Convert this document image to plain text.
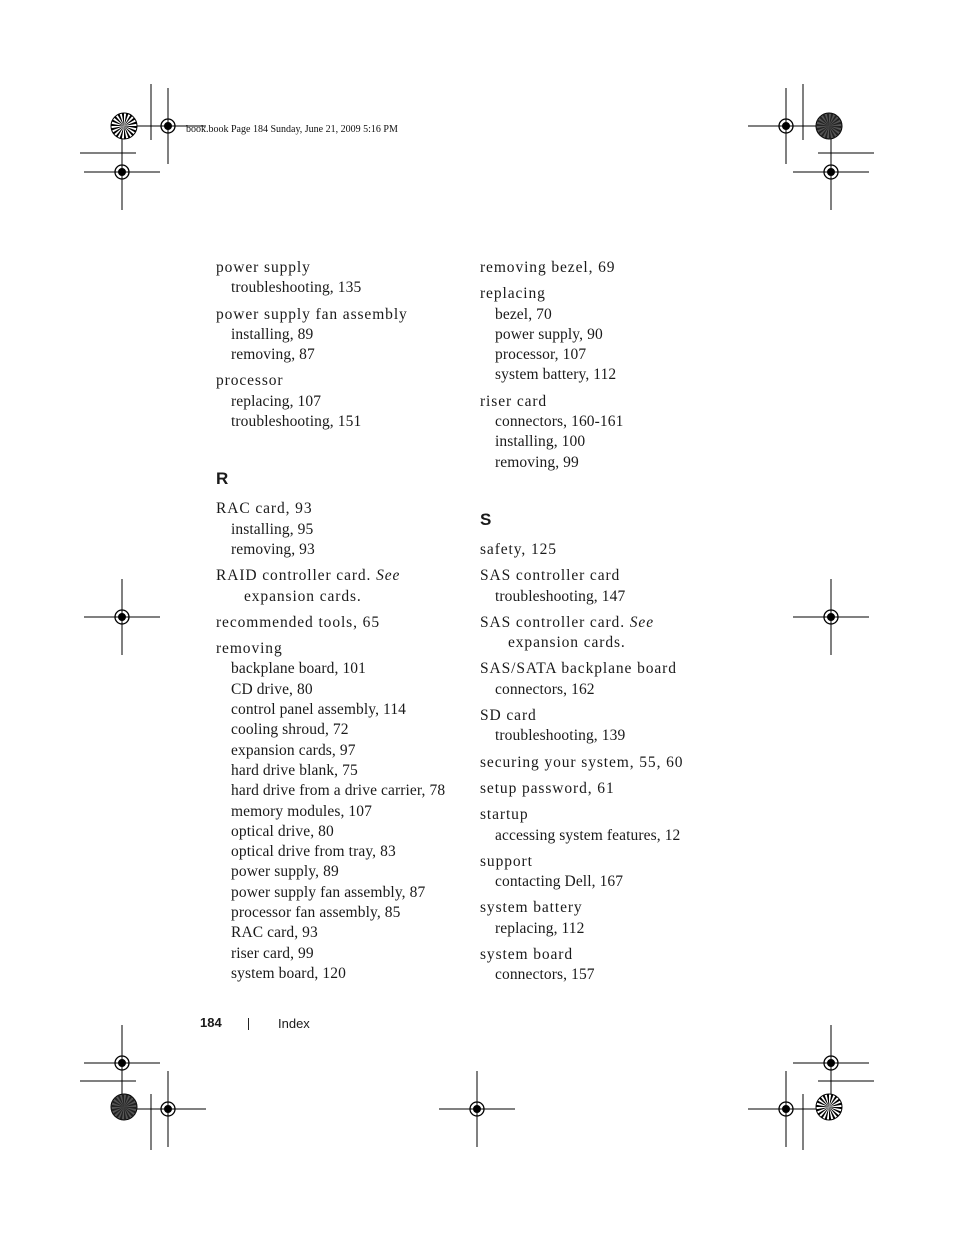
book.book Page 184 Sunday, June 21, 2009 5:16 PM
power supply
troubleshooting, 135
power supply fan assembly
installing, 89
removing, 87
processor
replacing, 107
troubleshooting, 151
R
RAC card, 93
installing, 95
removing, 93
RAID controller card. See
expansion cards.
recommended tools, 65
removing
backplane board, 101
CD drive, 80
control panel assembly, 114
cooling shroud, 72
expansion cards, 97
hard drive blank, 75
hard drive from a drive carrier, 78
memory modules, 107
optical drive, 80
optical drive from tray, 83
power supply, 89
power supply fan assembly, 87
processor fan assembly, 85
RAC card, 93
riser card, 99
system board, 120
removing bezel, 69
replacing
bezel, 70
power supply, 90
processor, 107
system battery, 112
riser card
connectors, 160-161
installing, 100
removing, 99
S
safety, 125
SAS controller card
troubleshooting, 147
SAS controller card. See
expansion cards.
SAS/SATA backplane board
connectors, 162
SD card
troubleshooting, 139
securing your system, 55, 60
setup password, 61
startup
accessing system features, 12
support
contacting Dell, 167
system battery
replacing, 112
system board
connectors, 157
184	Index
